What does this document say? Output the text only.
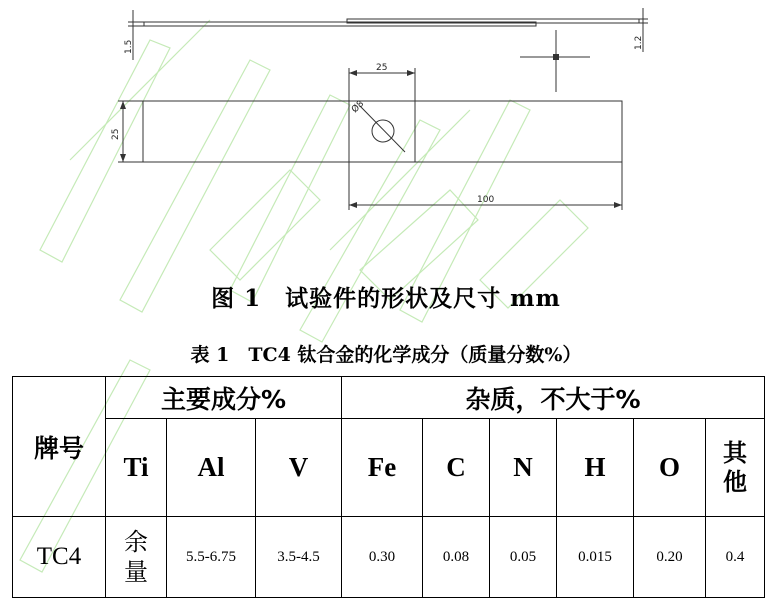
1.5	1.2
25
25
Ø8
100
图 1　试验件的形状及尺寸 mm
表 1　TC4 钛合金的化学成分（质量分数%）
牌号	主要成分%			杂质，不大于%					
	Ti	Al	V	Fe	C	N	H	O	其他
TC4	余量	5.5-6.75	3.5-4.5	0.30	0.08	0.05	0.015	0.20	0.4
